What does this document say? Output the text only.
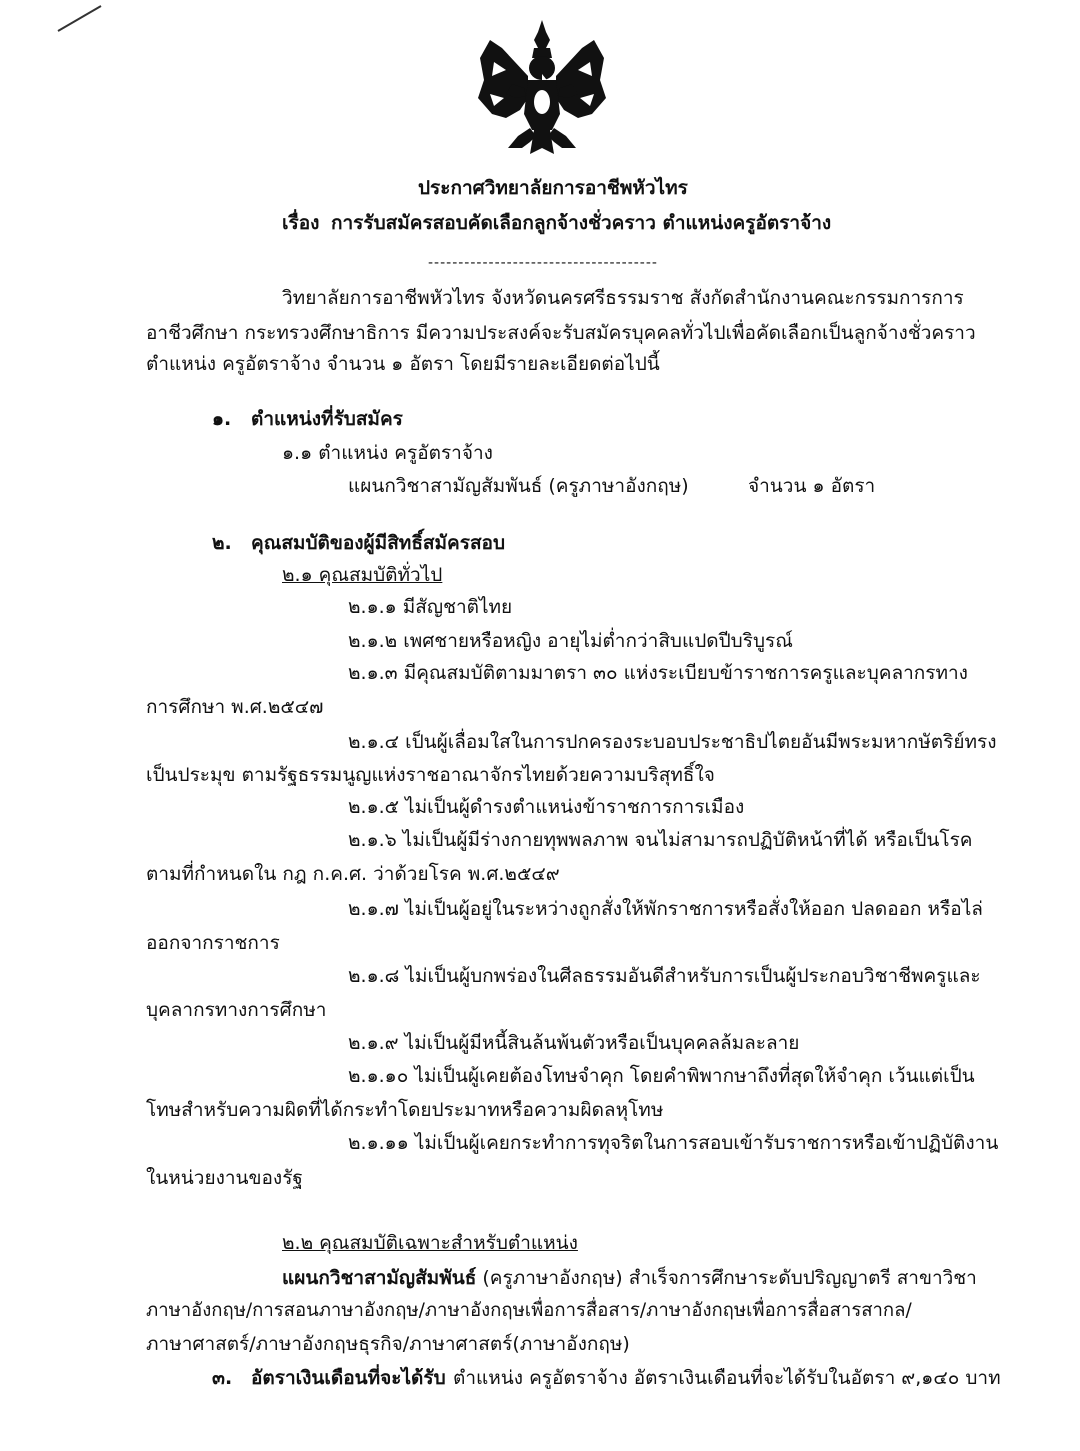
ประกาศวิทยาลัยการอาชีพหัวไทร
เรื่อง การรับสมัครสอบคัดเลือกลูกจ้างชั่วคราว ตำแหน่งครูอัตราจ้าง
--------------------------------------
วิทยาลัยการอาชีพหัวไทร จังหวัดนครศรีธรรมราช สังกัดสำนักงานคณะกรรมการการ
อาชีวศึกษา กระทรวงศึกษาธิการ มีความประสงค์จะรับสมัครบุคคลทั่วไปเพื่อคัดเลือกเป็นลูกจ้างชั่วคราว
ตำแหน่ง ครูอัตราจ้าง จำนวน ๑ อัตรา โดยมีรายละเอียดต่อไปนี้
๑. ตำแหน่งที่รับสมัคร
๑.๑ ตำแหน่ง ครูอัตราจ้าง
แผนกวิชาสามัญสัมพันธ์ (ครูภาษาอังกฤษ)	จำนวน ๑ อัตรา
๒. คุณสมบัติของผู้มีสิทธิ์สมัครสอบ
๒.๑ คุณสมบัติทั่วไป
๒.๑.๑ มีสัญชาติไทย
๒.๑.๒ เพศชายหรือหญิง อายุไม่ต่ำกว่าสิบแปดปีบริบูรณ์
๒.๑.๓ มีคุณสมบัติตามมาตรา ๓๐ แห่งระเบียบข้าราชการครูและบุคลากรทาง
การศึกษา พ.ศ.๒๕๔๗
๒.๑.๔ เป็นผู้เลื่อมใสในการปกครองระบอบประชาธิปไตยอันมีพระมหากษัตริย์ทรง
เป็นประมุข ตามรัฐธรรมนูญแห่งราชอาณาจักรไทยด้วยความบริสุทธิ์ใจ
๒.๑.๕ ไม่เป็นผู้ดำรงตำแหน่งข้าราชการการเมือง
๒.๑.๖ ไม่เป็นผู้มีร่างกายทุพพลภาพ จนไม่สามารถปฏิบัติหน้าที่ได้ หรือเป็นโรค
ตามที่กำหนดใน กฎ ก.ค.ศ. ว่าด้วยโรค พ.ศ.๒๕๔๙
๒.๑.๗ ไม่เป็นผู้อยู่ในระหว่างถูกสั่งให้พักราชการหรือสั่งให้ออก ปลดออก หรือไล่
ออกจากราชการ
๒.๑.๘ ไม่เป็นผู้บกพร่องในศีลธรรมอันดีสำหรับการเป็นผู้ประกอบวิชาชีพครูและ
บุคลากรทางการศึกษา
๒.๑.๙ ไม่เป็นผู้มีหนี้สินล้นพ้นตัวหรือเป็นบุคคลล้มละลาย
๒.๑.๑๐ ไม่เป็นผู้เคยต้องโทษจำคุก โดยคำพิพากษาถึงที่สุดให้จำคุก เว้นแต่เป็น
โทษสำหรับความผิดที่ได้กระทำโดยประมาทหรือความผิดลหุโทษ
๒.๑.๑๑ ไม่เป็นผู้เคยกระทำการทุจริตในการสอบเข้ารับราชการหรือเข้าปฏิบัติงาน
ในหน่วยงานของรัฐ
๒.๒ คุณสมบัติเฉพาะสำหรับตำแหน่ง
แผนกวิชาสามัญสัมพันธ์ (ครูภาษาอังกฤษ) สำเร็จการศึกษาระดับปริญญาตรี สาขาวิชา
ภาษาอังกฤษ/การสอนภาษาอังกฤษ/ภาษาอังกฤษเพื่อการสื่อสาร/ภาษาอังกฤษเพื่อการสื่อสารสากล/
ภาษาศาสตร์/ภาษาอังกฤษธุรกิจ/ภาษาศาสตร์(ภาษาอังกฤษ)
๓. อัตราเงินเดือนที่จะได้รับ ตำแหน่ง ครูอัตราจ้าง อัตราเงินเดือนที่จะได้รับในอัตรา ๙,๑๔๐ บาท
